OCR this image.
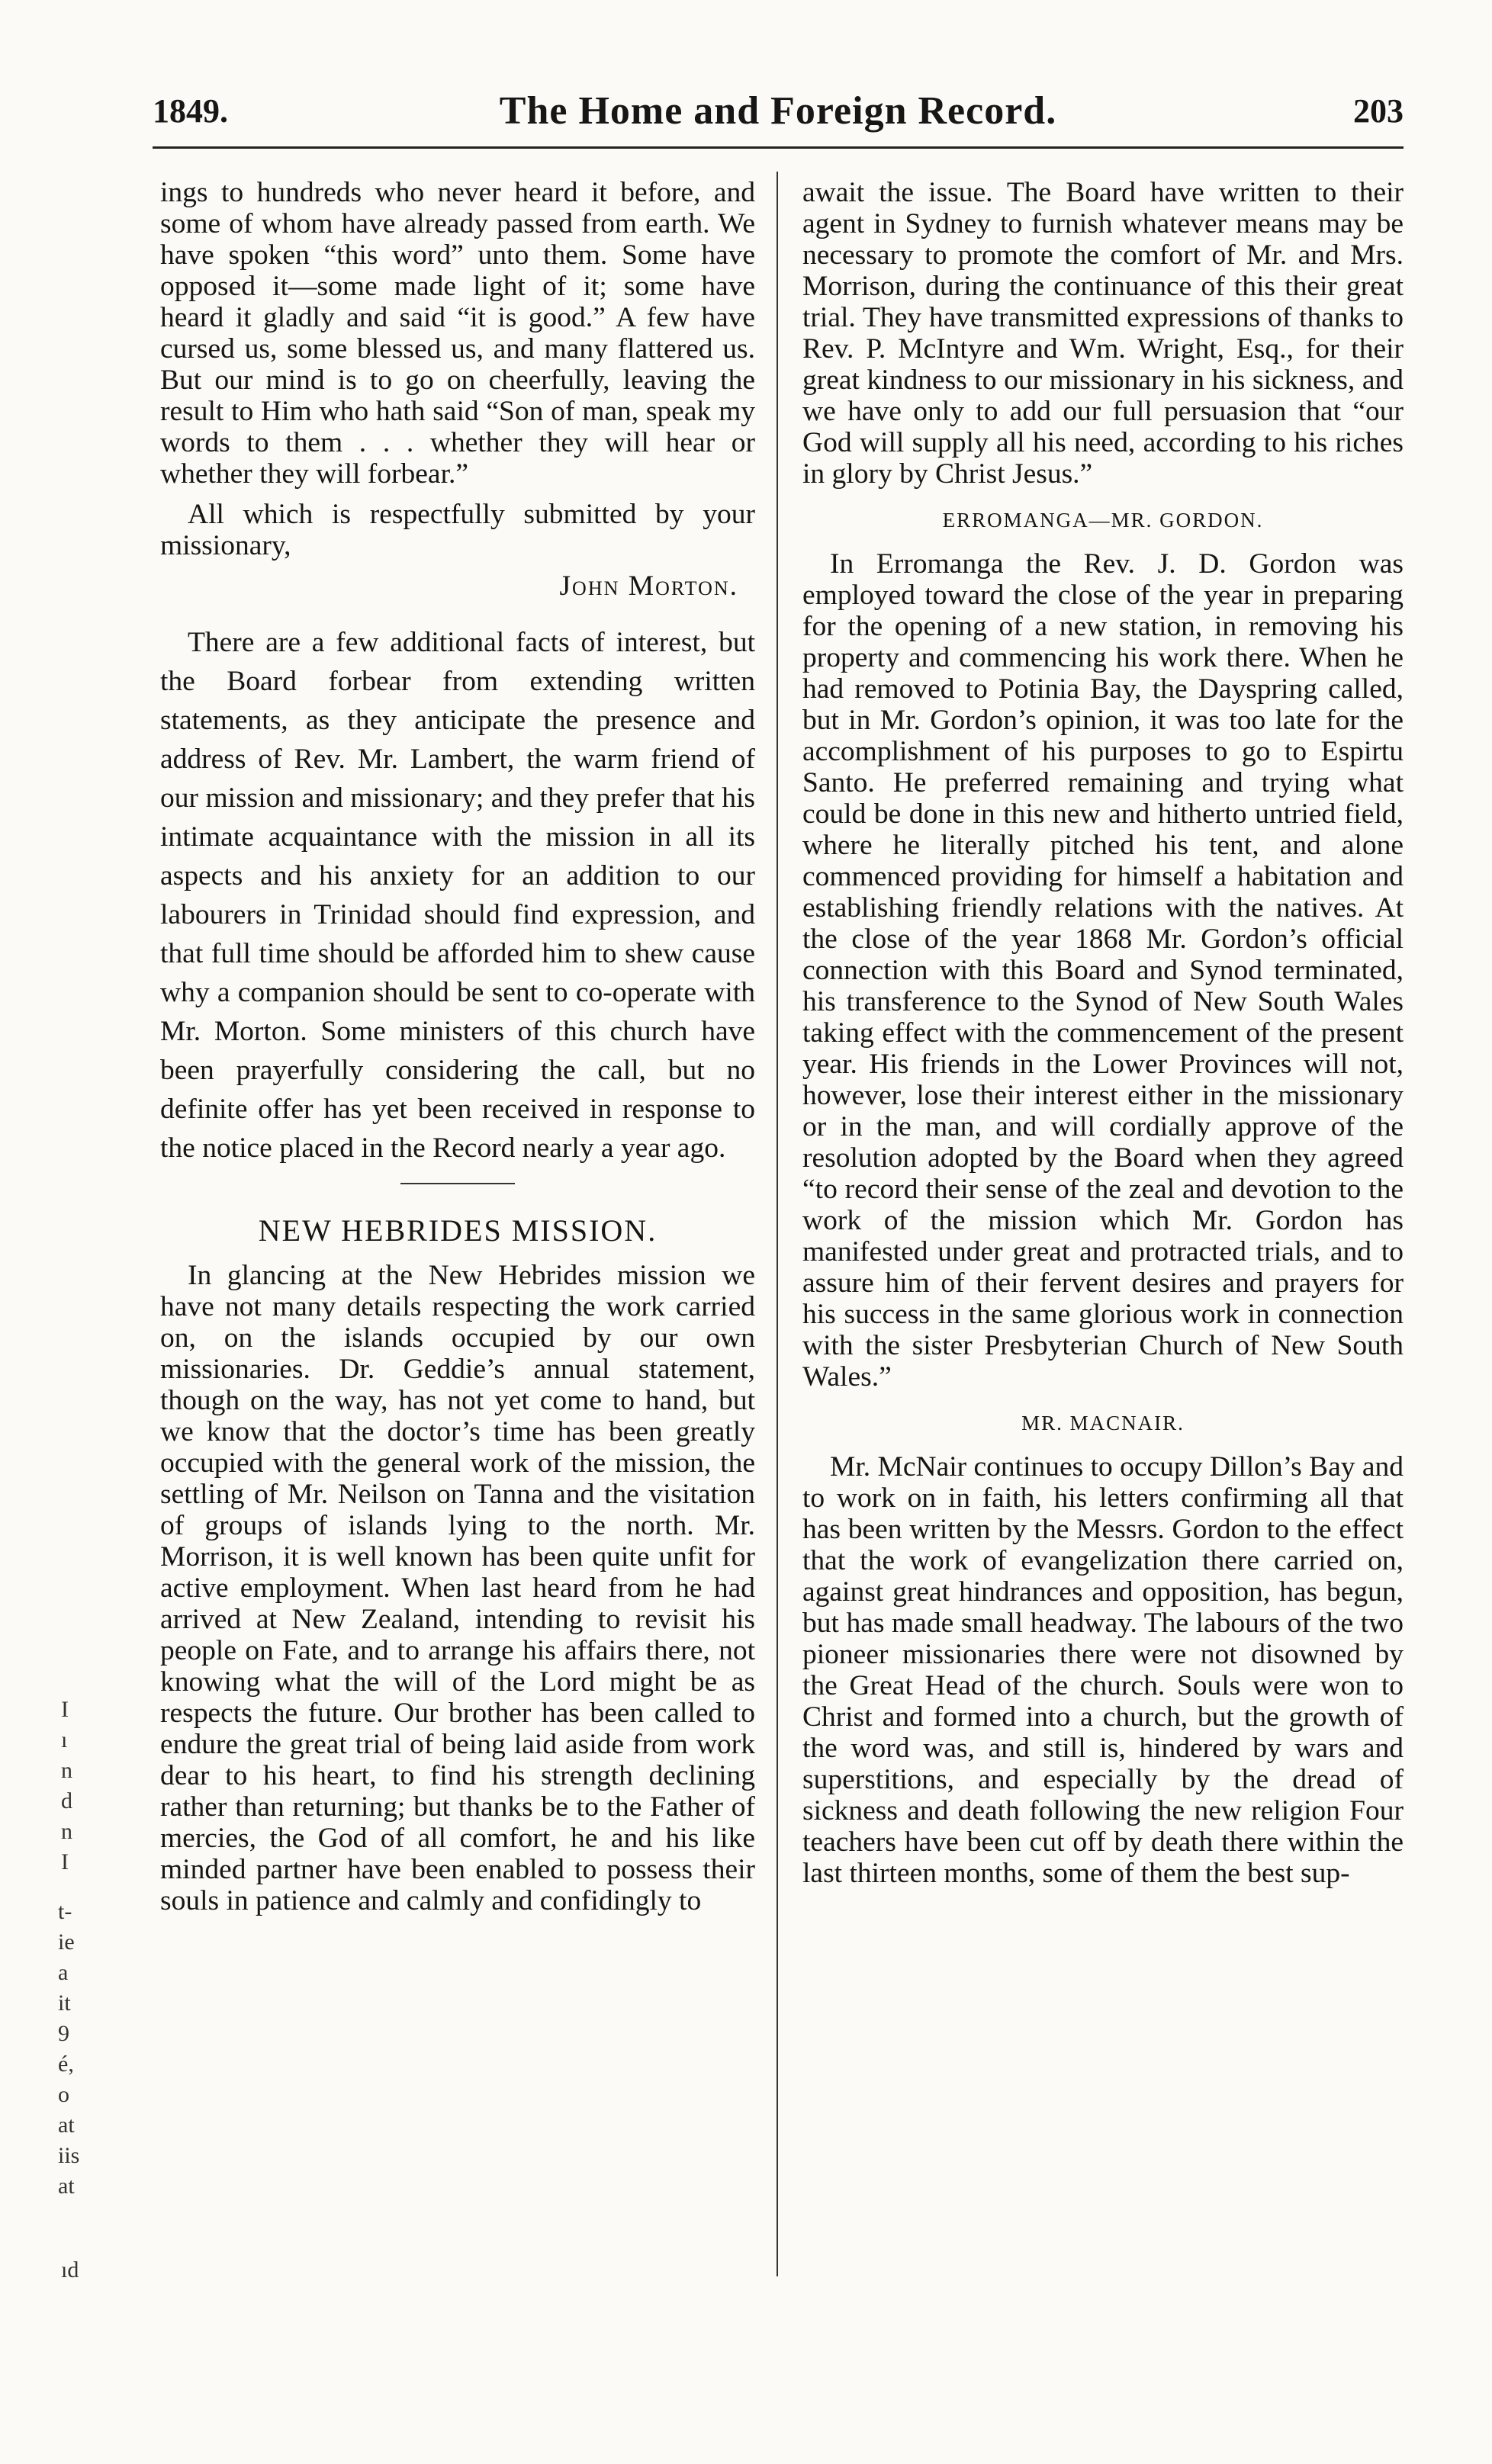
1849.	The Home and Foreign Record.	203

ings to hundreds who never heard it before, and some of whom have already passed from earth. We have spoken “this word” unto them. Some have opposed it—some made light of it; some have heard it gladly and said “it is good.” A few have cursed us, some blessed us, and many flattered us. But our mind is to go on cheerfully, leaving the result to Him who hath said “Son of man, speak my words to them . . . whether they will hear or whether they will forbear.”

All which is respectfully submitted by your missionary,

John Morton.

There are a few additional facts of interest, but the Board forbear from extending written statements, as they anticipate the presence and address of Rev. Mr. Lambert, the warm friend of our mission and missionary; and they prefer that his intimate acquaintance with the mission in all its aspects and his anxiety for an addition to our labourers in Trinidad should find expression, and that full time should be afforded him to shew cause why a companion should be sent to co-operate with Mr. Morton. Some ministers of this church have been prayerfully considering the call, but no definite offer has yet been received in response to the notice placed in the Record nearly a year ago.

NEW HEBRIDES MISSION.

In glancing at the New Hebrides mission we have not many details respecting the work carried on, on the islands occupied by our own missionaries. Dr. Geddie’s annual statement, though on the way, has not yet come to hand, but we know that the doctor’s time has been greatly occupied with the general work of the mission, the settling of Mr. Neilson on Tanna and the visitation of groups of islands lying to the north. Mr. Morrison, it is well known has been quite unfit for active employment. When last heard from he had arrived at New Zealand, intending to revisit his people on Fate, and to arrange his affairs there, not knowing what the will of the Lord might be as respects the future. Our brother has been called to endure the great trial of being laid aside from work dear to his heart, to find his strength declining rather than returning; but thanks be to the Father of mercies, the God of all comfort, he and his like minded partner have been enabled to possess their souls in patience and calmly and confidingly to

await the issue. The Board have written to their agent in Sydney to furnish whatever means may be necessary to promote the comfort of Mr. and Mrs. Morrison, during the continuance of this their great trial. They have transmitted expressions of thanks to Rev. P. McIntyre and Wm. Wright, Esq., for their great kindness to our missionary in his sickness, and we have only to add our full persuasion that “our God will supply all his need, according to his riches in glory by Christ Jesus.”

ERROMANGA—MR. GORDON.

In Erromanga the Rev. J. D. Gordon was employed toward the close of the year in preparing for the opening of a new station, in removing his property and commencing his work there. When he had removed to Potinia Bay, the Dayspring called, but in Mr. Gordon’s opinion, it was too late for the accomplishment of his purposes to go to Espirtu Santo. He preferred remaining and trying what could be done in this new and hitherto untried field, where he literally pitched his tent, and alone commenced providing for himself a habitation and establishing friendly relations with the natives. At the close of the year 1868 Mr. Gordon’s official connection with this Board and Synod terminated, his transference to the Synod of New South Wales taking effect with the commencement of the present year. His friends in the Lower Provinces will not, however, lose their interest either in the missionary or in the man, and will cordially approve of the resolution adopted by the Board when they agreed “to record their sense of the zeal and devotion to the work of the mission which Mr. Gordon has manifested under great and protracted trials, and to assure him of their fervent desires and prayers for his success in the same glorious work in connection with the sister Presbyterian Church of New South Wales.”

MR. MACNAIR.

Mr. McNair continues to occupy Dillon’s Bay and to work on in faith, his letters confirming all that has been written by the Messrs. Gordon to the effect that the work of evangelization there carried on, against great hindrances and opposition, has begun, but has made small headway. The labours of the two pioneer missionaries there were not disowned by the Great Head of the church. Souls were won to Christ and formed into a church, but the growth of the word was, and still is, hindered by wars and superstitions, and especially by the dread of sickness and death following the new religion Four teachers have been cut off by death there within the last thirteen months, some of them the best sup-

I
ı
n
d
n
I
t-
ie
a
it
9
é,
o
at
iis
at
ıd
